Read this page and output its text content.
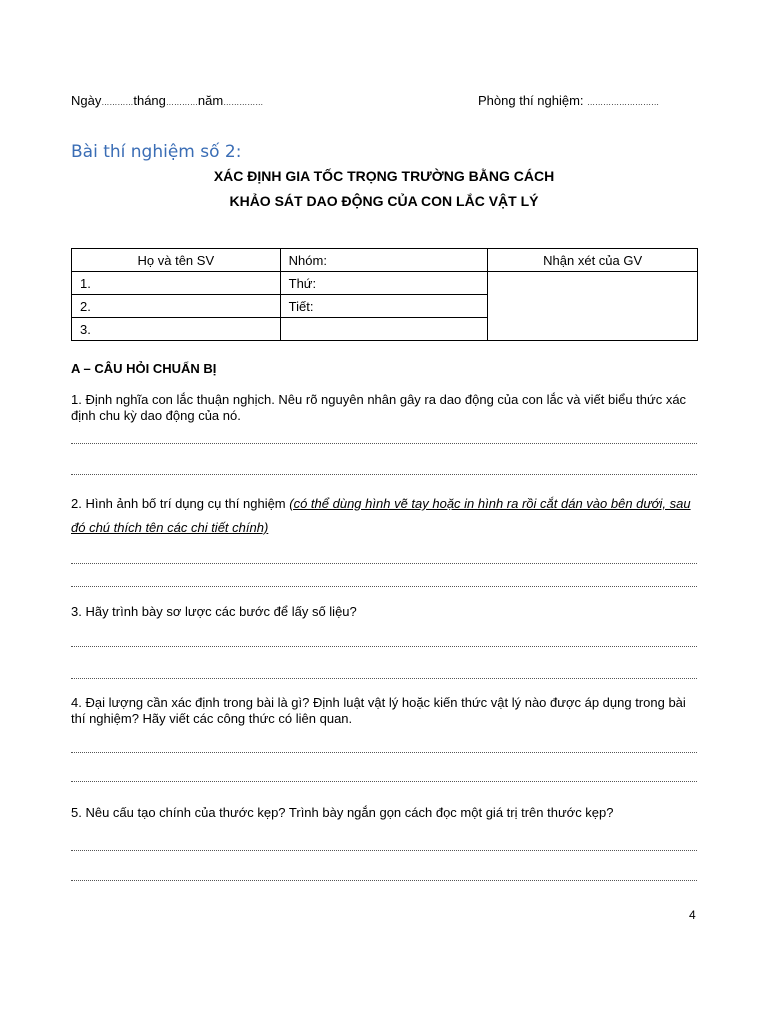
Ngày…………tháng…………năm……………	Phòng thí nghiệm: ………………………
Bài thí nghiệm số 2:
XÁC ĐỊNH GIA TỐC TRỌNG TRƯỜNG BẰNG CÁCH
KHẢO SÁT DAO ĐỘNG CỦA CON LẮC VẬT LÝ
Họ và tên SV	Nhóm:	Nhận xét của GV
1.	Thứ:	
2.	Tiết:	
3.		
A – CÂU HỎI CHUẨN BỊ
1. Định nghĩa con lắc thuận nghịch. Nêu rõ nguyên nhân gây ra dao động của con lắc và viết biểu thức xác định chu kỳ dao động của nó.
2. Hình ảnh bố trí dụng cụ thí nghiệm (có thể dùng hình vẽ tay hoặc in hình ra rồi cắt dán vào bên dưới, sau đó chú thích tên các chi tiết chính)
3. Hãy trình bày sơ lược các bước để lấy số liệu?
4. Đại lượng cần xác định trong bài là gì? Định luật vật lý hoặc kiến thức vật lý nào được áp dụng trong bài thí nghiệm? Hãy viết các công thức có liên quan.
5. Nêu cấu tạo chính của thước kẹp? Trình bày ngắn gọn cách đọc một giá trị trên thước kẹp?
4
